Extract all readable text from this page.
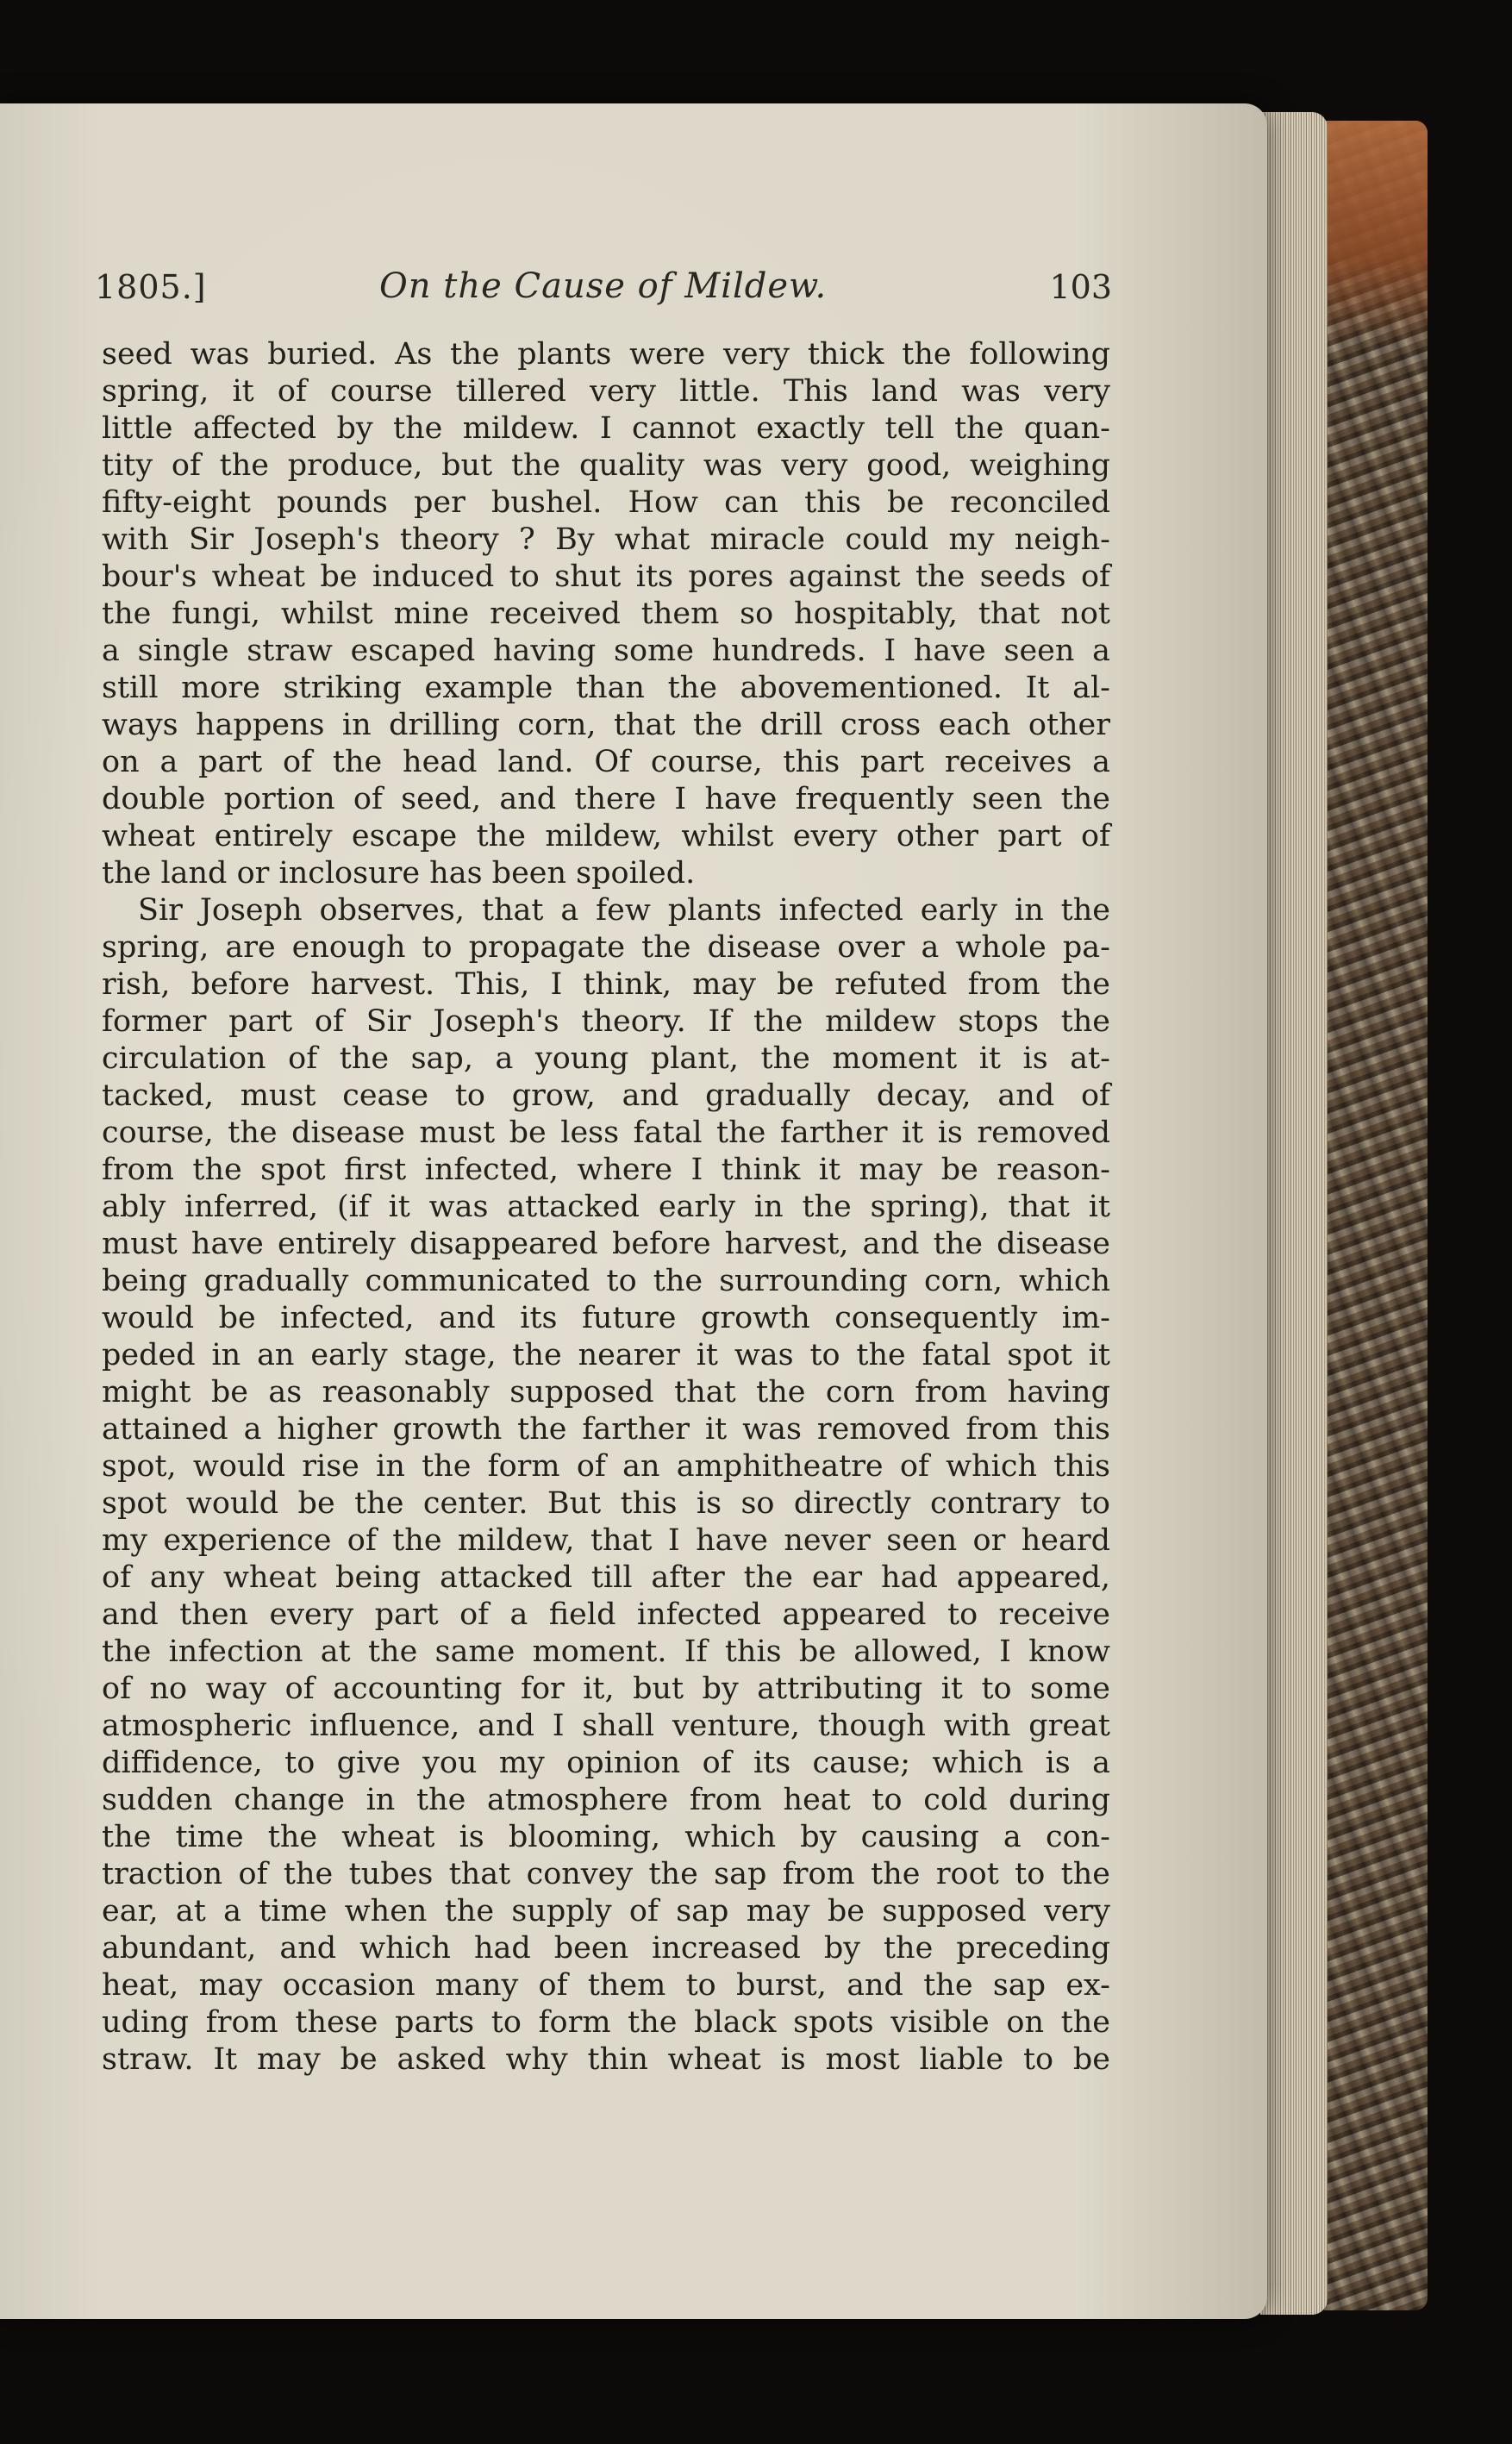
1805.]	On the Cause of Mildew.	103
seed was buried. As the plants were very thick the following
spring, it of course tillered very little. This land was very
little affected by the mildew. I cannot exactly tell the quan-
tity of the produce, but the quality was very good, weighing
fifty-eight pounds per bushel. How can this be reconciled
with Sir Joseph's theory ? By what miracle could my neigh-
bour's wheat be induced to shut its pores against the seeds of
the fungi, whilst mine received them so hospitably, that not
a single straw escaped having some hundreds. I have seen a
still more striking example than the abovementioned. It al-
ways happens in drilling corn, that the drill cross each other
on a part of the head land. Of course, this part receives a
double portion of seed, and there I have frequently seen the
wheat entirely escape the mildew, whilst every other part of
the land or inclosure has been spoiled.
Sir Joseph observes, that a few plants infected early in the
spring, are enough to propagate the disease over a whole pa-
rish, before harvest. This, I think, may be refuted from the
former part of Sir Joseph's theory. If the mildew stops the
circulation of the sap, a young plant, the moment it is at-
tacked, must cease to grow, and gradually decay, and of
course, the disease must be less fatal the farther it is removed
from the spot first infected, where I think it may be reason-
ably inferred, (if it was attacked early in the spring), that it
must have entirely disappeared before harvest, and the disease
being gradually communicated to the surrounding corn, which
would be infected, and its future growth consequently im-
peded in an early stage, the nearer it was to the fatal spot it
might be as reasonably supposed that the corn from having
attained a higher growth the farther it was removed from this
spot, would rise in the form of an amphitheatre of which this
spot would be the center. But this is so directly contrary to
my experience of the mildew, that I have never seen or heard
of any wheat being attacked till after the ear had appeared,
and then every part of a field infected appeared to receive
the infection at the same moment. If this be allowed, I know
of no way of accounting for it, but by attributing it to some
atmospheric influence, and I shall venture, though with great
diffidence, to give you my opinion of its cause; which is a
sudden change in the atmosphere from heat to cold during
the time the wheat is blooming, which by causing a con-
traction of the tubes that convey the sap from the root to the
ear, at a time when the supply of sap may be supposed very
abundant, and which had been increased by the preceding
heat, may occasion many of them to burst, and the sap ex-
uding from these parts to form the black spots visible on the
straw. It may be asked why thin wheat is most liable to be
